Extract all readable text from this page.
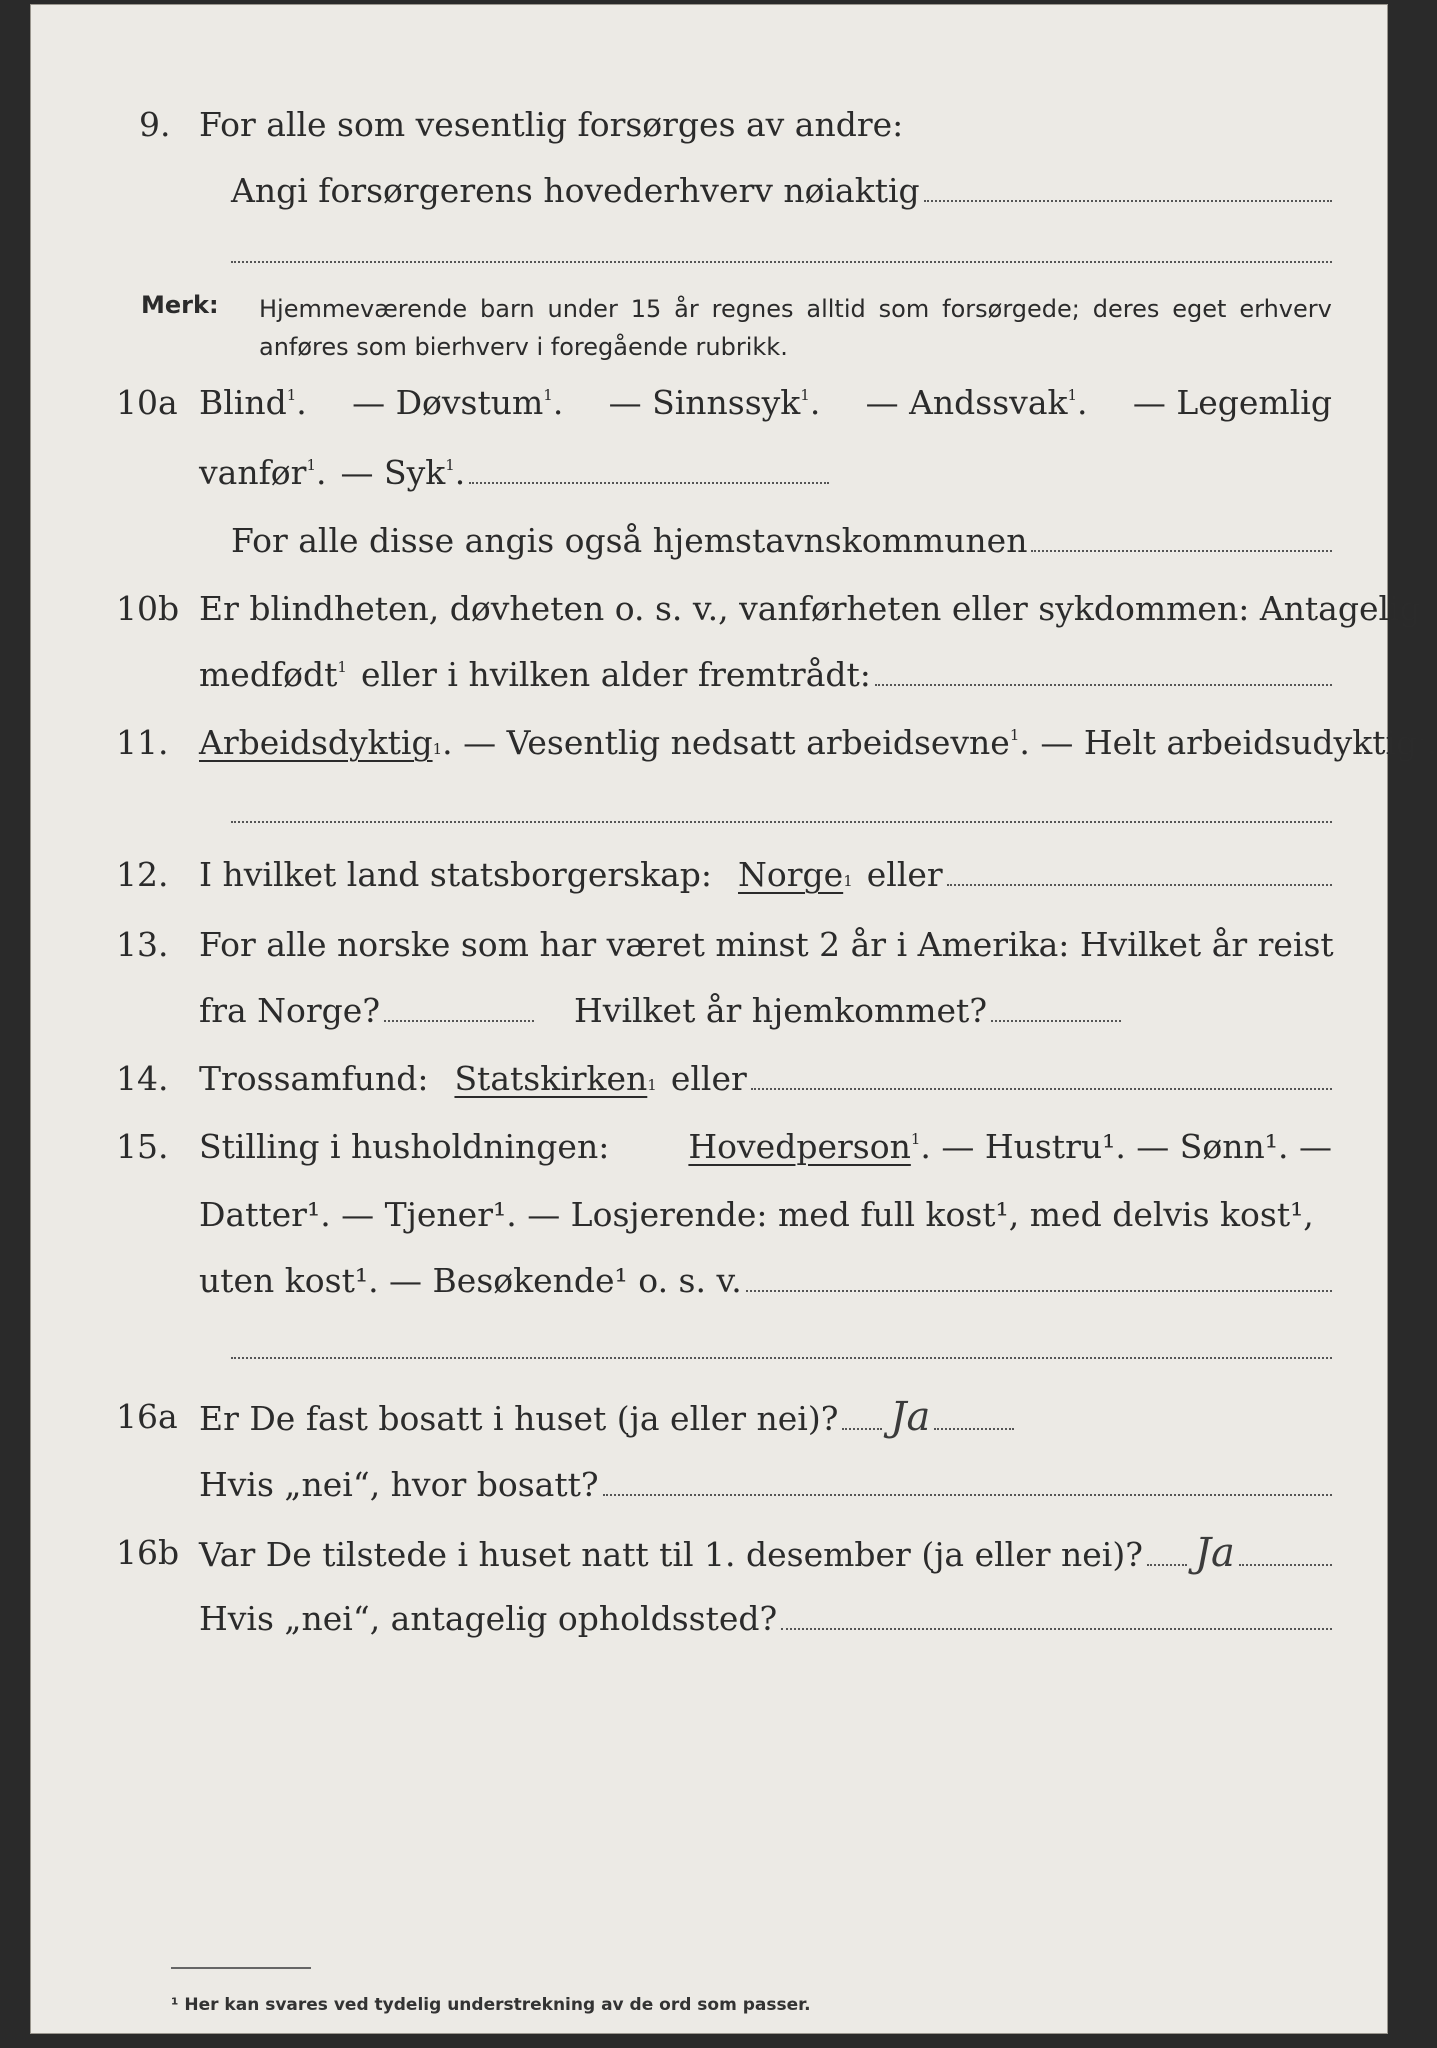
9. For alle som vesentlig forsørges av andre:
Angi forsørgerens hovederhverv nøiaktig
Merk: Hjemmeværende barn under 15 år regnes alltid som forsørgede; deres eget erhverv
anføres som bierhverv i foregående rubrikk.
10a Blind$^1$. — Døvstum$^1$. — Sinnssyk$^1$. — Andssvak$^1$. — Legemlig
vanfør$^1$. — Syk$^1$.
For alle disse angis også hjemstavnskommunen
10b Er blindheten, døvheten o. s. v., vanførheten eller sykdommen: Antagelig
medfødt$^1$ eller i hvilken alder fremtrådt:
11. Arbeidsdyktig 1 . — Vesentlig nedsatt arbeidsevne$^1$ . — Helt arbeidsudyktig$^1$ .
12. I hvilket land statsborgerskap: Norge 1 eller
13. For alle norske som har været minst 2 år i Amerika: Hvilket år reist
fra Norge?	Hvilket år hjemkommet?
14. Trossamfund: Statskirken 1 eller
15. Stilling i husholdningen: Hovedperson$^1$. — Hustru¹. — Sønn¹. —
Datter¹. — Tjener¹. — Losjerende: med full kost¹, med delvis kost¹,
uten kost¹. — Besøkende¹ o. s. v.
16a Er De fast bosatt i huset (ja eller nei)? Ja
Hvis „nei“, hvor bosatt?
16b Var De tilstede i huset natt til 1. desember (ja eller nei)? Ja
Hvis „nei“, antagelig opholdssted?
¹ Her kan svares ved tydelig understrekning av de ord som passer.
